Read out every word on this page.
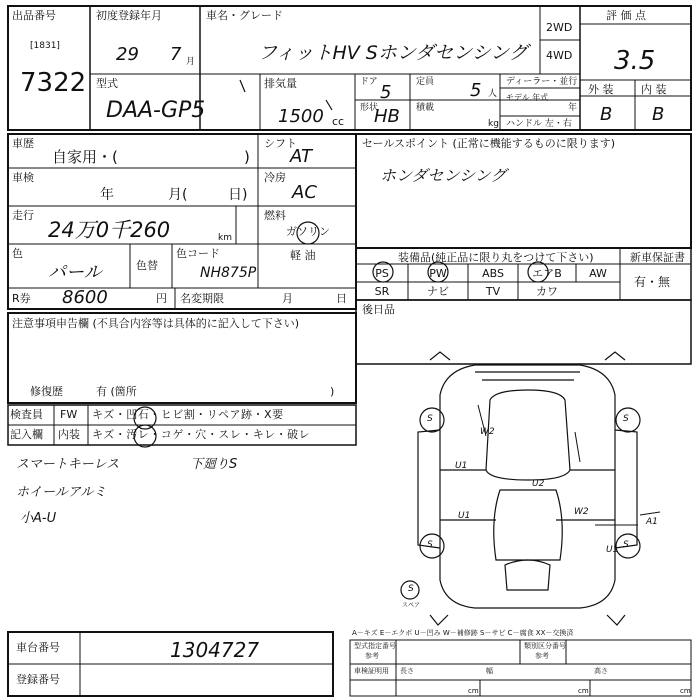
出品番号
[1831]
7322
初度登録年月
29 7 月
車名・グレード
フィットHV Sホンダセンシング
2WD
4WD
評 価 点
3.5
型式
DAA-GP5
排気量
1500 cc
ドア 5	定員 5 人
ディーラー・並行
モデル 年式
年
形状
HB 積載
kg ハンドル 左・右
外 装	内 装
B B
車歴
自家用・(	)
シフト
AT
車検
年	月(	日)
冷房
AC
走行
24万0千260	km
燃料
ガソリン
軽 油
色
パール	色替
色コード
NH875P
R券 8600	円 名変期限	月	日
注意事項申告欄 (不具合内容等は具体的に記入して下さい)
修復歴	有 (箇所	)
検査員
記入欄
FW キズ・凹石・ヒビ割・リペア跡・X要
内装 キズ・汚レ・コゲ・穴・スレ・キレ・破レ
スマートキーレス
ホイールアルミ
小A-U
下廻りS
セールスポイント (正常に機能するものに限ります)
ホンダセンシング
装備品(純正品に限り丸をつけて下さい)	新車保証書
有・無
PS	PW	ABS	エアB	AW
SR	ナビ	TV	カワ
後日品
S	S
S	S
S
W2
U1
U1
U2
W2
A1
U1
スペア
A－キズ E－エクボ U－凹み W－補修跡 S－サビ C－腐食 XX－交換済
車台番号	1304727
登録番号
型式指定番号
参考
類別区分番号
参考
車検証明用 長さ	幅	高さ
cm	cm	cm
